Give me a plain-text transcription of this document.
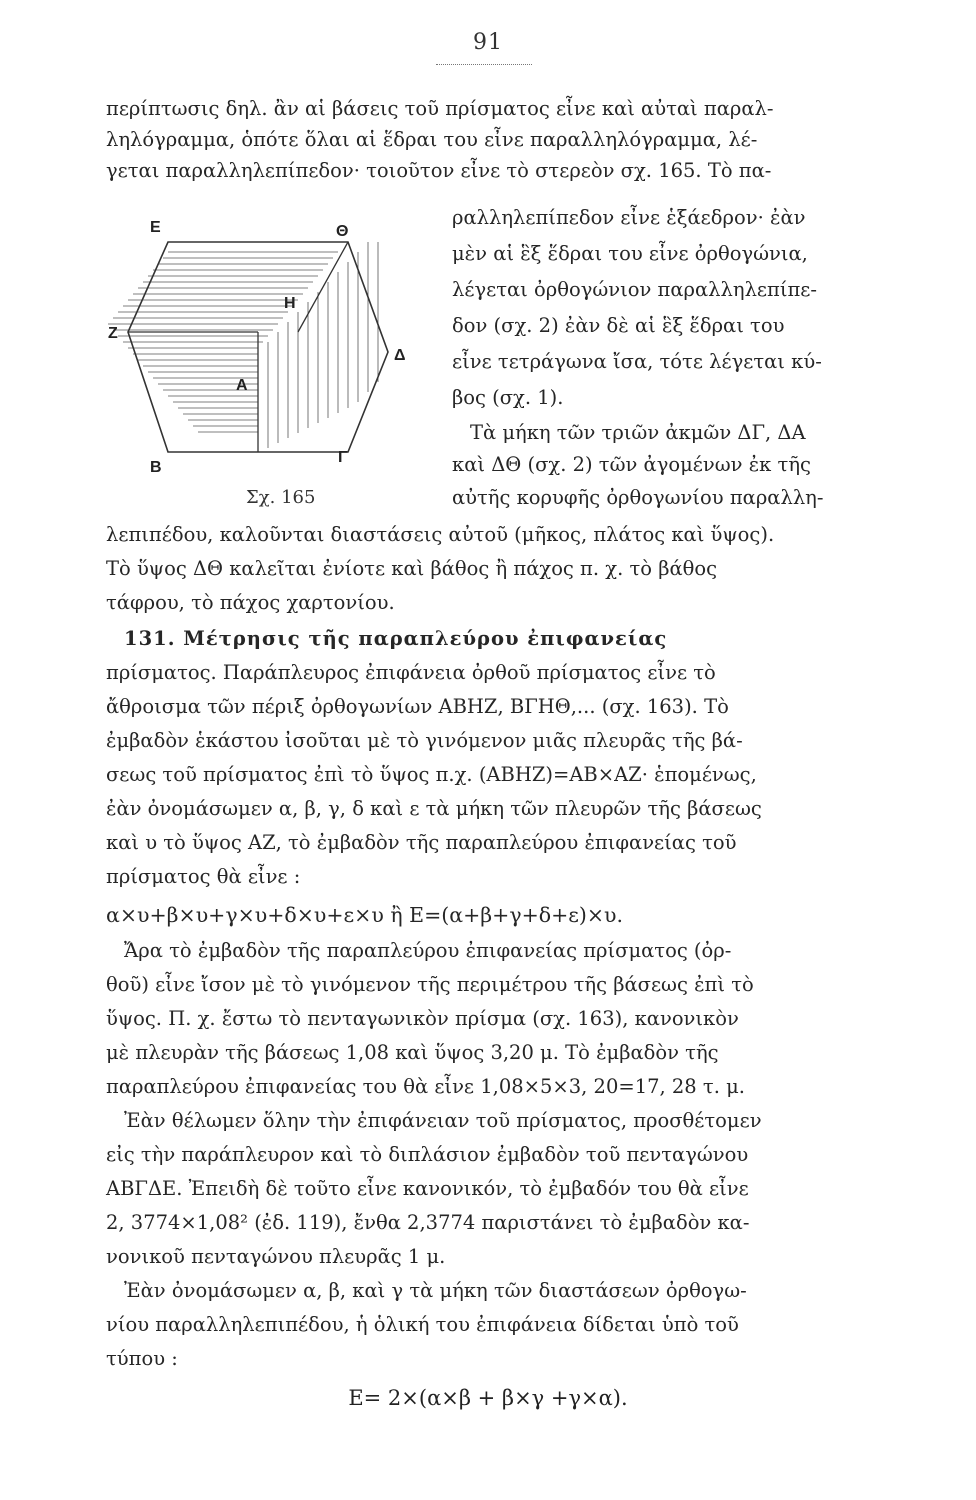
91
περίπτωσις δηλ. ἂν αἱ βάσεις τοῦ πρίσματος εἶνε καὶ αὐταὶ παραλ-
ληλόγραμμα, ὁπότε ὅλαι αἱ ἕδραι του εἶνε παραλληλόγραμμα, λέ-
γεται παραλληλεπίπεδον· τοιοῦτον εἶνε τὸ στερεὸν σχ. 165. Τὸ πα-
Ε	Θ
Ζ
Δ
Β
Γ
Η
Α
Σχ. 165
ραλληλεπίπεδον εἶνε ἑξάεδρον· ἐὰν
μὲν αἱ ἓξ ἕδραι του εἶνε ὀρθογώνια,
λέγεται ὀρθογώνιον παραλληλεπίπε-
δον (σχ. 2) ἐὰν δὲ αἱ ἓξ ἕδραι του
εἶνε τετράγωνα ἴσα, τότε λέγεται κύ-
βος (σχ. 1).
Τὰ μήκη τῶν τριῶν ἀκμῶν ΔΓ, ΔΑ
καὶ ΔΘ (σχ. 2) τῶν ἀγομένων ἐκ τῆς
αὐτῆς κορυφῆς ὀρθογωνίου παραλλη-
λεπιπέδου, καλοῦνται διαστάσεις αὐτοῦ (μῆκος, πλάτος καὶ ὕψος).
Τὸ ὕψος ΔΘ καλεῖται ἐνίοτε καὶ βάθος ἢ πάχος π. χ. τὸ βάθος
τάφρου, τὸ πάχος χαρτονίου.
131. Μέτρησις τῆς παραπλεύρου ἐπιφανείας
πρίσματος. Παράπλευρος ἐπιφάνεια ὀρθοῦ πρίσματος εἶνε τὸ
ἄθροισμα τῶν πέριξ ὀρθογωνίων ΑΒΗΖ, ΒΓΗΘ,... (σχ. 163). Τὸ
ἐμβαδὸν ἑκάστου ἰσοῦται μὲ τὸ γινόμενον μιᾶς πλευρᾶς τῆς βά-
σεως τοῦ πρίσματος ἐπὶ τὸ ὕψος π.χ. (ΑΒΗΖ)=ΑΒ×ΑΖ· ἑπομένως,
ἐὰν ὀνομάσωμεν α, β, γ, δ καὶ ε τὰ μήκη τῶν πλευρῶν τῆς βάσεως
καὶ υ τὸ ὕψος ΑΖ, τὸ ἐμβαδὸν τῆς παραπλεύρου ἐπιφανείας τοῦ
πρίσματος θὰ εἶνε :
α×υ+β×υ+γ×υ+δ×υ+ε×υ ἢ Ε=(α+β+γ+δ+ε)×υ.
Ἄρα τὸ ἐμβαδὸν τῆς παραπλεύρου ἐπιφανείας πρίσματος (ὀρ-
θοῦ) εἶνε ἴσον μὲ τὸ γινόμενον τῆς περιμέτρου τῆς βάσεως ἐπὶ τὸ
ὕψος. Π. χ. ἔστω τὸ πενταγωνικὸν πρίσμα (σχ. 163), κανονικὸν
μὲ πλευρὰν τῆς βάσεως 1,08 καὶ ὕψος 3,20 μ. Τὸ ἐμβαδὸν τῆς
παραπλεύρου ἐπιφανείας του θὰ εἶνε 1,08×5×3, 20=17, 28 τ. μ.
Ἐὰν θέλωμεν ὅλην τὴν ἐπιφάνειαν τοῦ πρίσματος, προσθέτομεν
εἰς τὴν παράπλευρον καὶ τὸ διπλάσιον ἐμβαδὸν τοῦ πενταγώνου
ΑΒΓΔΕ. Ἐπειδὴ δὲ τοῦτο εἶνε κανονικόν, τὸ ἐμβαδόν του θὰ εἶνε
2, 3774×1,08² (ἐδ. 119), ἔνθα 2,3774 παριστάνει τὸ ἐμβαδὸν κα-
νονικοῦ πενταγώνου πλευρᾶς 1 μ.
Ἐὰν ὀνομάσωμεν α, β, καὶ γ τὰ μήκη τῶν διαστάσεων ὀρθογω-
νίου παραλληλεπιπέδου, ἡ ὁλική του ἐπιφάνεια δίδεται ὑπὸ τοῦ
τύπου :
Ε= 2×(α×β + β×γ +γ×α).
